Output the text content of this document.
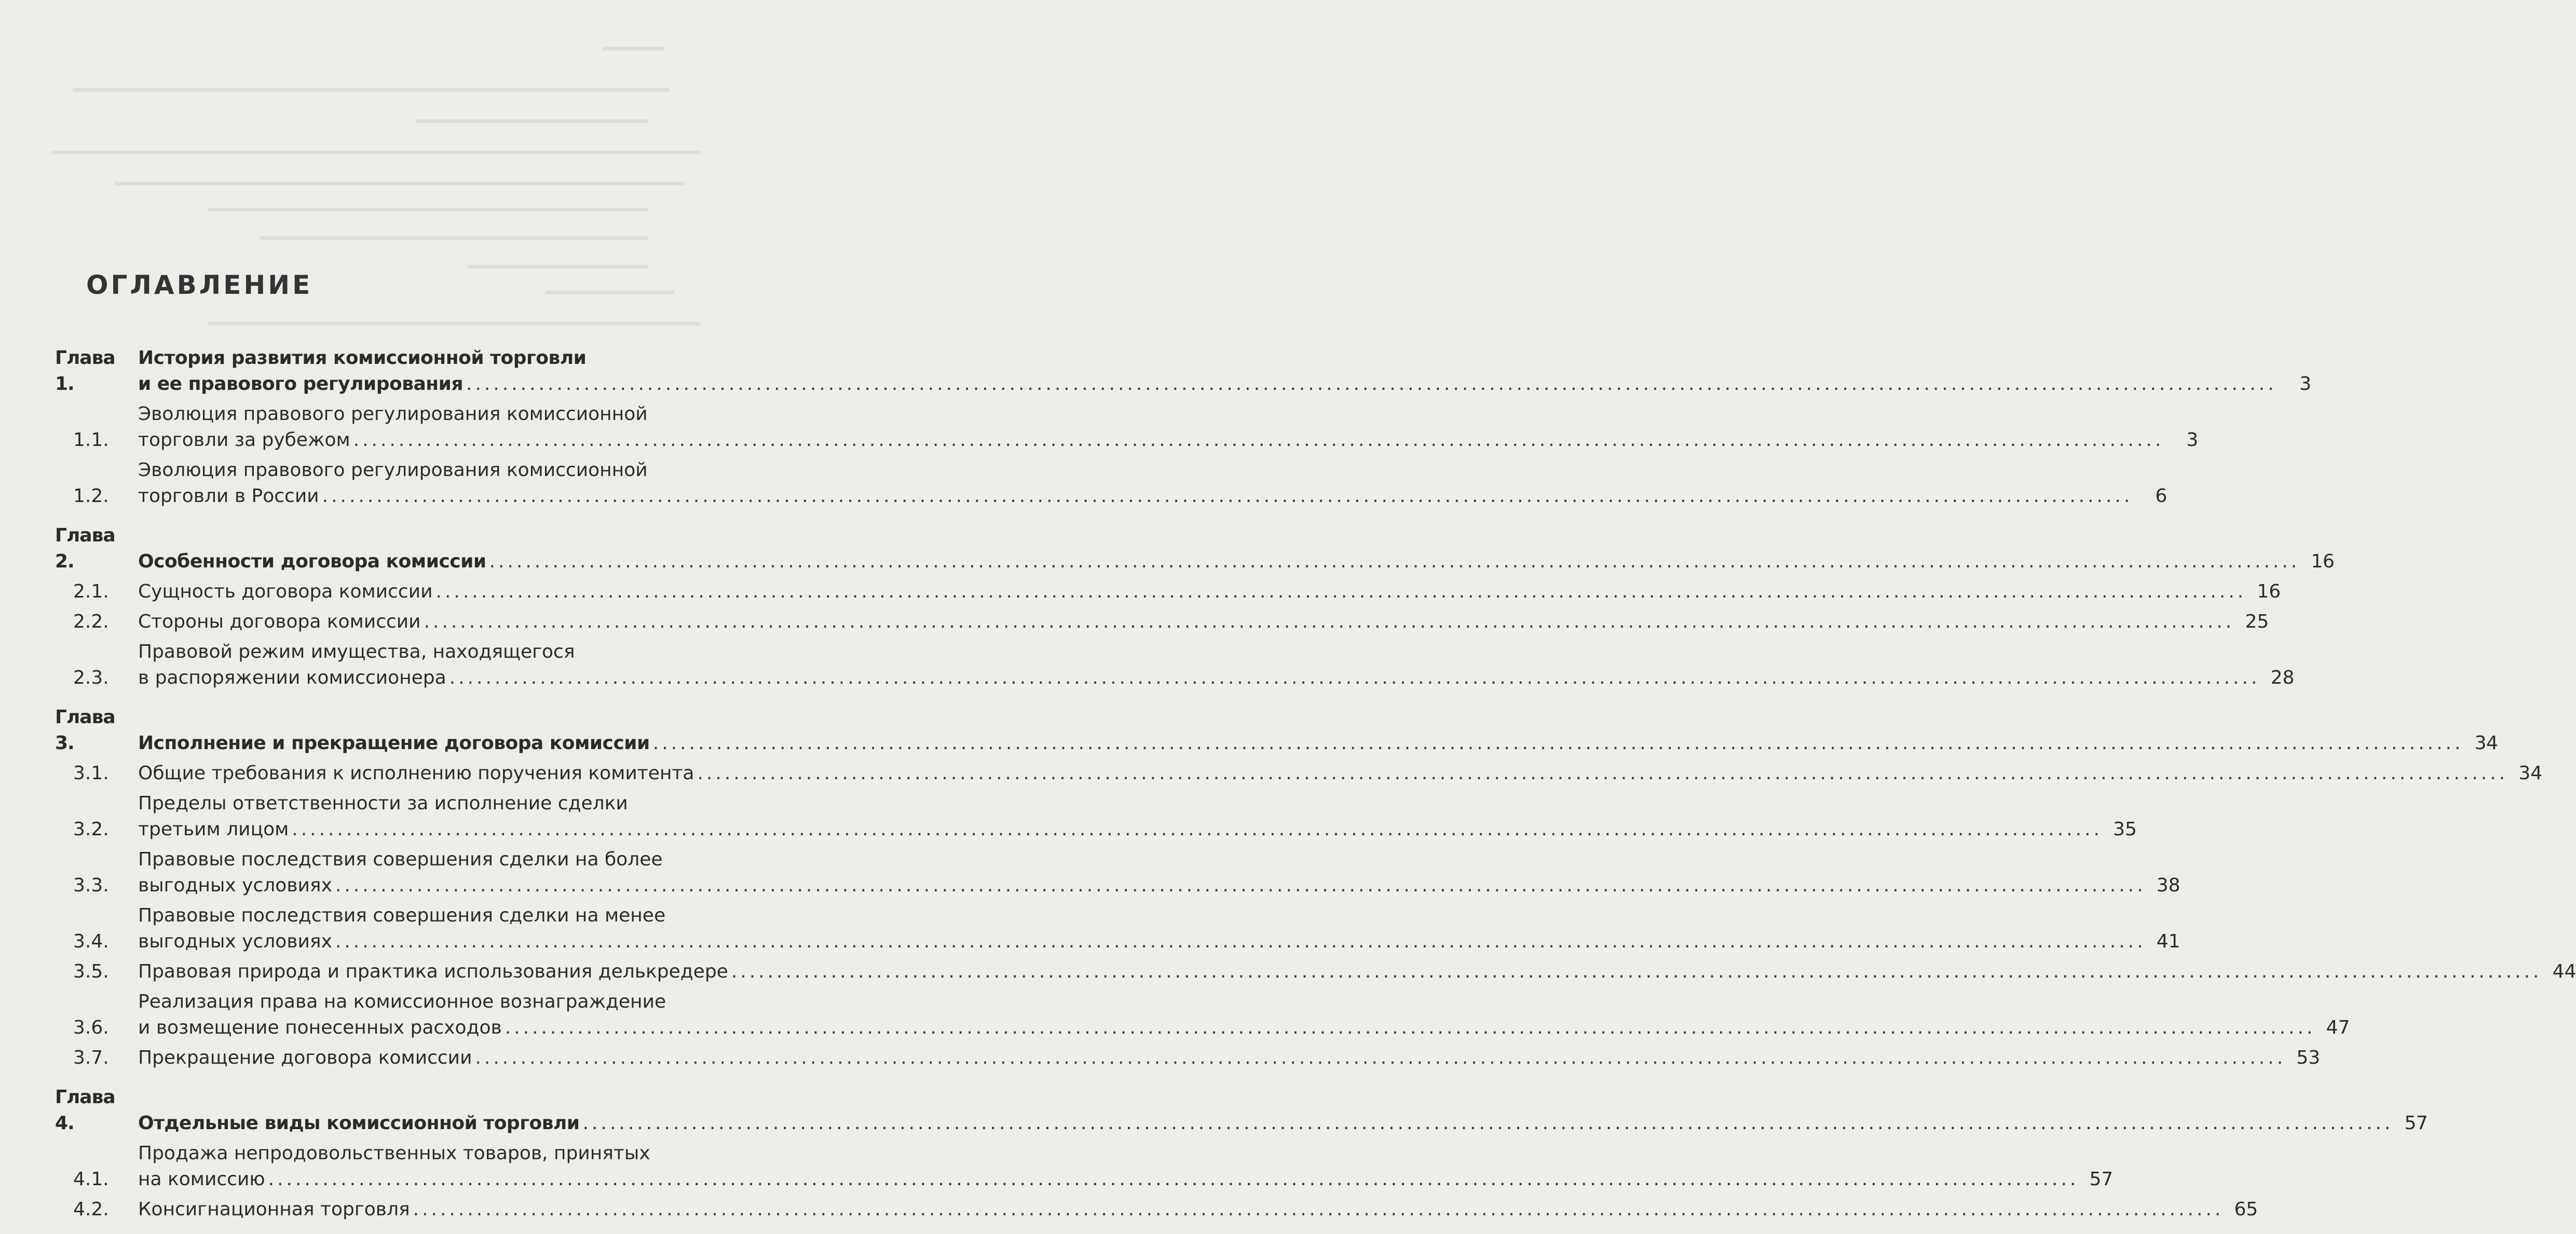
ОГЛАВЛЕНИЕ
Глава 1.
История развития комиссионной торговли
и ее правового регулирования ........................................................................................................................................................................................................	3
1.1.
Эволюция правового регулирования комиссионной
торговли за рубежом ........................................................................................................................................................................................................	3
1.2.
Эволюция правового регулирования комиссионной
торговли в России ........................................................................................................................................................................................................	6
Глава 2.	Особенности договора комиссии ........................................................................................................................................................................................................ 16
2.1.	Сущность договора комиссии ........................................................................................................................................................................................................ 16
2.2.	Стороны договора комиссии ........................................................................................................................................................................................................ 25
2.3.
Правовой режим имущества, находящегося
в распоряжении комиссионера ........................................................................................................................................................................................................ 28
Глава 3.	Исполнение и прекращение договора комиссии ........................................................................................................................................................................................................ 34
3.1.	Общие требования к исполнению поручения комитента ........................................................................................................................................................................................................ 34
3.2.
Пределы ответственности за исполнение сделки
третьим лицом ........................................................................................................................................................................................................ 35
3.3.
Правовые последствия совершения сделки на более
выгодных условиях ........................................................................................................................................................................................................ 38
3.4.
Правовые последствия совершения сделки на менее
выгодных условиях ........................................................................................................................................................................................................ 41
3.5.	Правовая природа и практика использования делькредере ........................................................................................................................................................................................................ 44
3.6.
Реализация права на комиссионное вознаграждение
и возмещение понесенных расходов ........................................................................................................................................................................................................ 47
3.7.	Прекращение договора комиссии ........................................................................................................................................................................................................ 53
Глава 4.	Отдельные виды комиссионной торговли ........................................................................................................................................................................................................ 57
4.1.
Продажа непродовольственных товаров, принятых
на комиссию ........................................................................................................................................................................................................ 57
4.2.	Консигнационная торговля ........................................................................................................................................................................................................ 65
